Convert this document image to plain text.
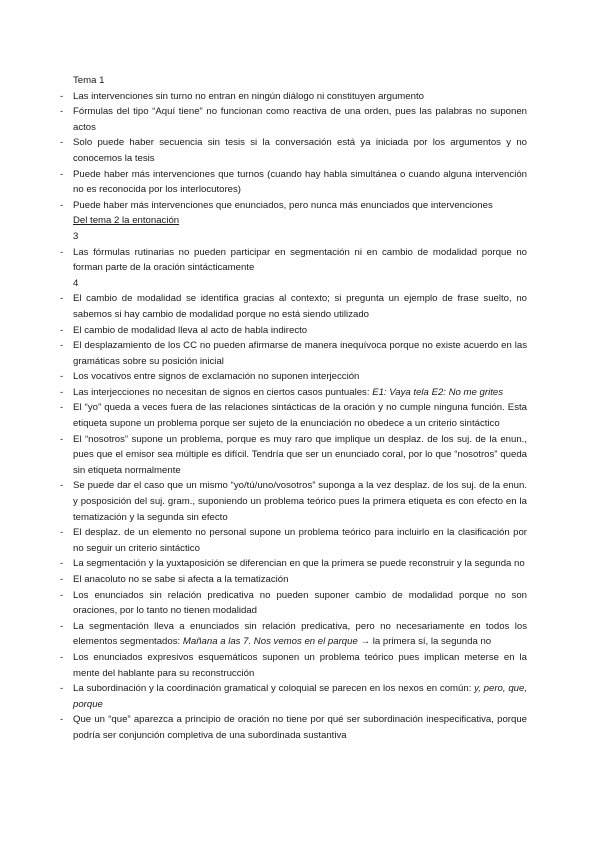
Tema 1
- Las intervenciones sin turno no entran en ningún diálogo ni constituyen argumento
- Fórmulas del tipo “Aquí tiene” no funcionan como reactiva de una orden, pues las palabras no suponen actos
- Solo puede haber secuencia sin tesis si la conversación está ya iniciada por los argumentos y no conocemos la tesis
- Puede haber más intervenciones que turnos (cuando hay habla simultánea o cuando alguna intervención no es reconocida por los interlocutores)
- Puede haber más intervenciones que enunciados, pero nunca más enunciados que intervenciones
Del tema 2 la entonación
3
- Las fórmulas rutinarias no pueden participar en segmentación ni en cambio de modalidad porque no forman parte de la oración sintácticamente
4
- El cambio de modalidad se identifica gracias al contexto; si pregunta un ejemplo de frase suelto, no sabemos si hay cambio de modalidad porque no está siendo utilizado
- El cambio de modalidad lleva al acto de habla indirecto
- El desplazamiento de los CC no pueden afirmarse de manera inequívoca porque no existe acuerdo en las gramáticas sobre su posición inicial
- Los vocativos entre signos de exclamación no suponen interjección
- Las interjecciones no necesitan de signos en ciertos casos puntuales: E1: Vaya tela E2: No me grites
- El “yo” queda a veces fuera de las relaciones sintácticas de la oración y no cumple ninguna función. Esta etiqueta supone un problema porque ser sujeto de la enunciación no obedece a un criterio sintáctico
- El “nosotros” supone un problema, porque es muy raro que implique un desplaz. de los suj. de la enun., pues que el emisor sea múltiple es difícil. Tendría que ser un enunciado coral, por lo que “nosotros” queda sin etiqueta normalmente
- Se puede dar el caso que un mismo “yo/tú/uno/vosotros” suponga a la vez desplaz. de los suj. de la enun. y posposición del suj. gram., suponiendo un problema teórico pues la primera etiqueta es con efecto en la tematización y la segunda sin efecto
- El desplaz. de un elemento no personal supone un problema teórico para incluirlo en la clasificación por no seguir un criterio sintáctico
- La segmentación y la yuxtaposición se diferencian en que la primera se puede reconstruir y la segunda no
- El anacoluto no se sabe si afecta a la tematización
- Los enunciados sin relación predicativa no pueden suponer cambio de modalidad porque no son oraciones, por lo tanto no tienen modalidad
- La segmentación lleva a enunciados sin relación predicativa, pero no necesariamente en todos los elementos segmentados: Mañana a las 7. Nos vemos en el parque → la primera sí, la segunda no
- Los enunciados expresivos esquemáticos suponen un problema teórico pues implican meterse en la mente del hablante para su reconstrucción
- La subordinación y la coordinación gramatical y coloquial se parecen en los nexos en común: y, pero, que, porque
- Que un “que” aparezca a principio de oración no tiene por qué ser subordinación inespecificativa, porque podría ser conjunción completiva de una subordinada sustantiva
